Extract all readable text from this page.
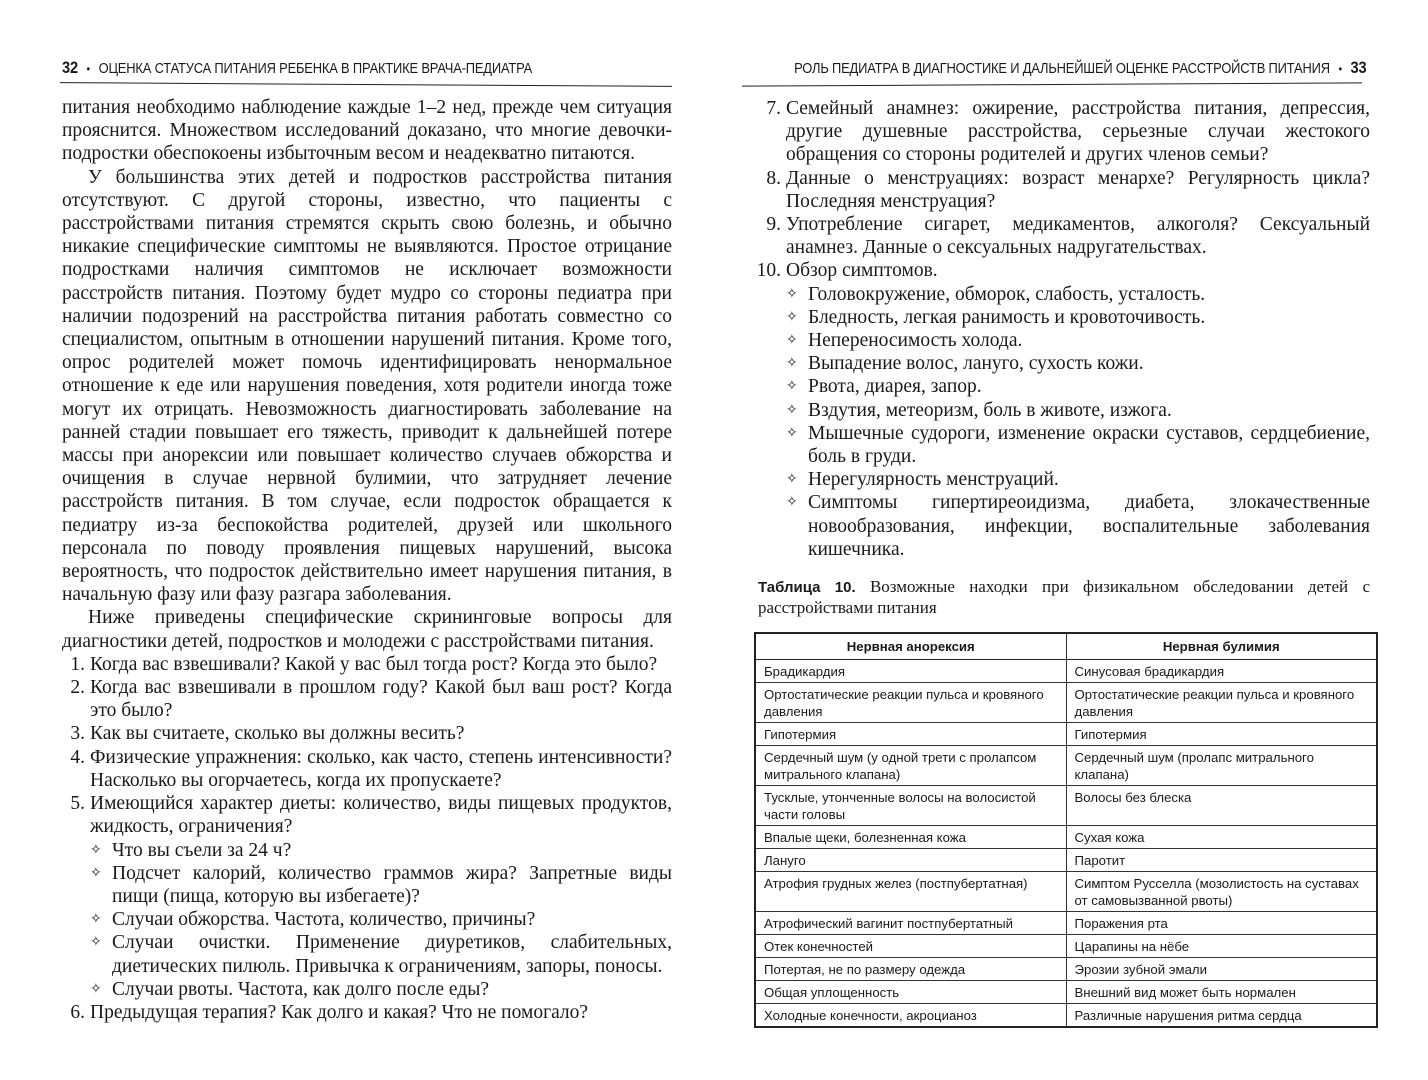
32 • ОЦЕНКА СТАТУСА ПИТАНИЯ РЕБЕНКА В ПРАКТИКЕ ВРАЧА-ПЕДИАТРА

питания необходимо наблюдение каждые 1–2 нед, прежде чем ситуация прояснится. Множеством исследований доказано, что многие девочки-подростки обеспокоены избыточным весом и неадекватно питаются.

У большинства этих детей и подростков расстройства питания отсутствуют. С другой стороны, известно, что пациенты с расстройствами питания стремятся скрыть свою болезнь, и обычно никакие специфические симптомы не выявляются. Простое отрицание подростками наличия симптомов не исключает возможности расстройств питания. Поэтому будет мудро со стороны педиатра при наличии подозрений на расстройства питания работать совместно со специалистом, опытным в отношении нарушений питания. Кроме того, опрос родителей может помочь идентифицировать ненормальное отношение к еде или нарушения поведения, хотя родители иногда тоже могут их отрицать. Невозможность диагностировать заболевание на ранней стадии повышает его тяжесть, приводит к дальнейшей потере массы при анорексии или повышает количество случаев обжорства и очищения в случае нервной булимии, что затрудняет лечение расстройств питания. В том случае, если подросток обращается к педиатру из-за беспокойства родителей, друзей или школьного персонала по поводу проявления пищевых нарушений, высока вероятность, что подросток действительно имеет нарушения питания, в начальную фазу или фазу разгара заболевания.

Ниже приведены специфические скрининговые вопросы для диагностики детей, подростков и молодежи с расстройствами питания.

1. Когда вас взвешивали? Какой у вас был тогда рост? Когда это было?
2. Когда вас взвешивали в прошлом году? Какой был ваш рост? Когда это было?
3. Как вы считаете, сколько вы должны весить?
4. Физические упражнения: сколько, как часто, степень интенсивности? Насколько вы огорчаетесь, когда их пропускаете?
5. Имеющийся характер диеты: количество, виды пищевых продуктов, жидкость, ограничения?
✧ Что вы съели за 24 ч?
✧ Подсчет калорий, количество граммов жира? Запретные виды пищи (пища, которую вы избегаете)?
✧ Случаи обжорства. Частота, количество, причины?
✧ Случаи очистки. Применение диуретиков, слабительных, диетических пилюль. Привычка к ограничениям, запоры, поносы.
✧ Случаи рвоты. Частота, как долго после еды?
6. Предыдущая терапия? Как долго и какая? Что не помогало?
РОЛЬ ПЕДИАТРА В ДИАГНОСТИКЕ И ДАЛЬНЕЙШЕЙ ОЦЕНКЕ РАССТРОЙСТВ ПИТАНИЯ • 33
7. Семейный анамнез: ожирение, расстройства питания, депрессия, другие душевные расстройства, серьезные случаи жестокого обращения со стороны родителей и других членов семьи?
8. Данные о менструациях: возраст менархе? Регулярность цикла? Последняя менструация?
9. Употребление сигарет, медикаментов, алкоголя? Сексуальный анамнез. Данные о сексуальных надругательствах.
10. Обзор симптомов.
✧ Головокружение, обморок, слабость, усталость.
✧ Бледность, легкая ранимость и кровоточивость.
✧ Непереносимость холода.
✧ Выпадение волос, лануго, сухость кожи.
✧ Рвота, диарея, запор.
✧ Вздутия, метеоризм, боль в животе, изжога.
✧ Мышечные судороги, изменение окраски суставов, сердцебиение, боль в груди.
✧ Нерегулярность менструаций.
✧ Симптомы гипертиреоидизма, диабета, злокачественные новообразования, инфекции, воспалительные заболевания кишечника.
Таблица 10. Возможные находки при физикальном обследовании детей с расстройствами питания
Нервная анорексия	Нервная булимия
Брадикардия	Синусовая брадикардия
Ортостатические реакции пульса и кровяного давления	Ортостатические реакции пульса и кровяного давления
Гипотермия	Гипотермия
Сердечный шум (у одной трети с пролапсом митрального клапана)	Сердечный шум (пролапс митрального клапана)
Тусклые, утонченные волосы на волосистой части головы	Волосы без блеска
Впалые щеки, болезненная кожа	Сухая кожа
Лануго	Паротит
Атрофия грудных желез (постпубертатная)	Симптом Русселла (мозолистость на суставах от самовызванной рвоты)
Атрофический вагинит постпубертатный	Поражения рта
Отек конечностей	Царапины на нёбе
Потертая, не по размеру одежда	Эрозии зубной эмали
Общая уплощенность	Внешний вид может быть нормален
Холодные конечности, акроцианоз	Различные нарушения ритма сердца
